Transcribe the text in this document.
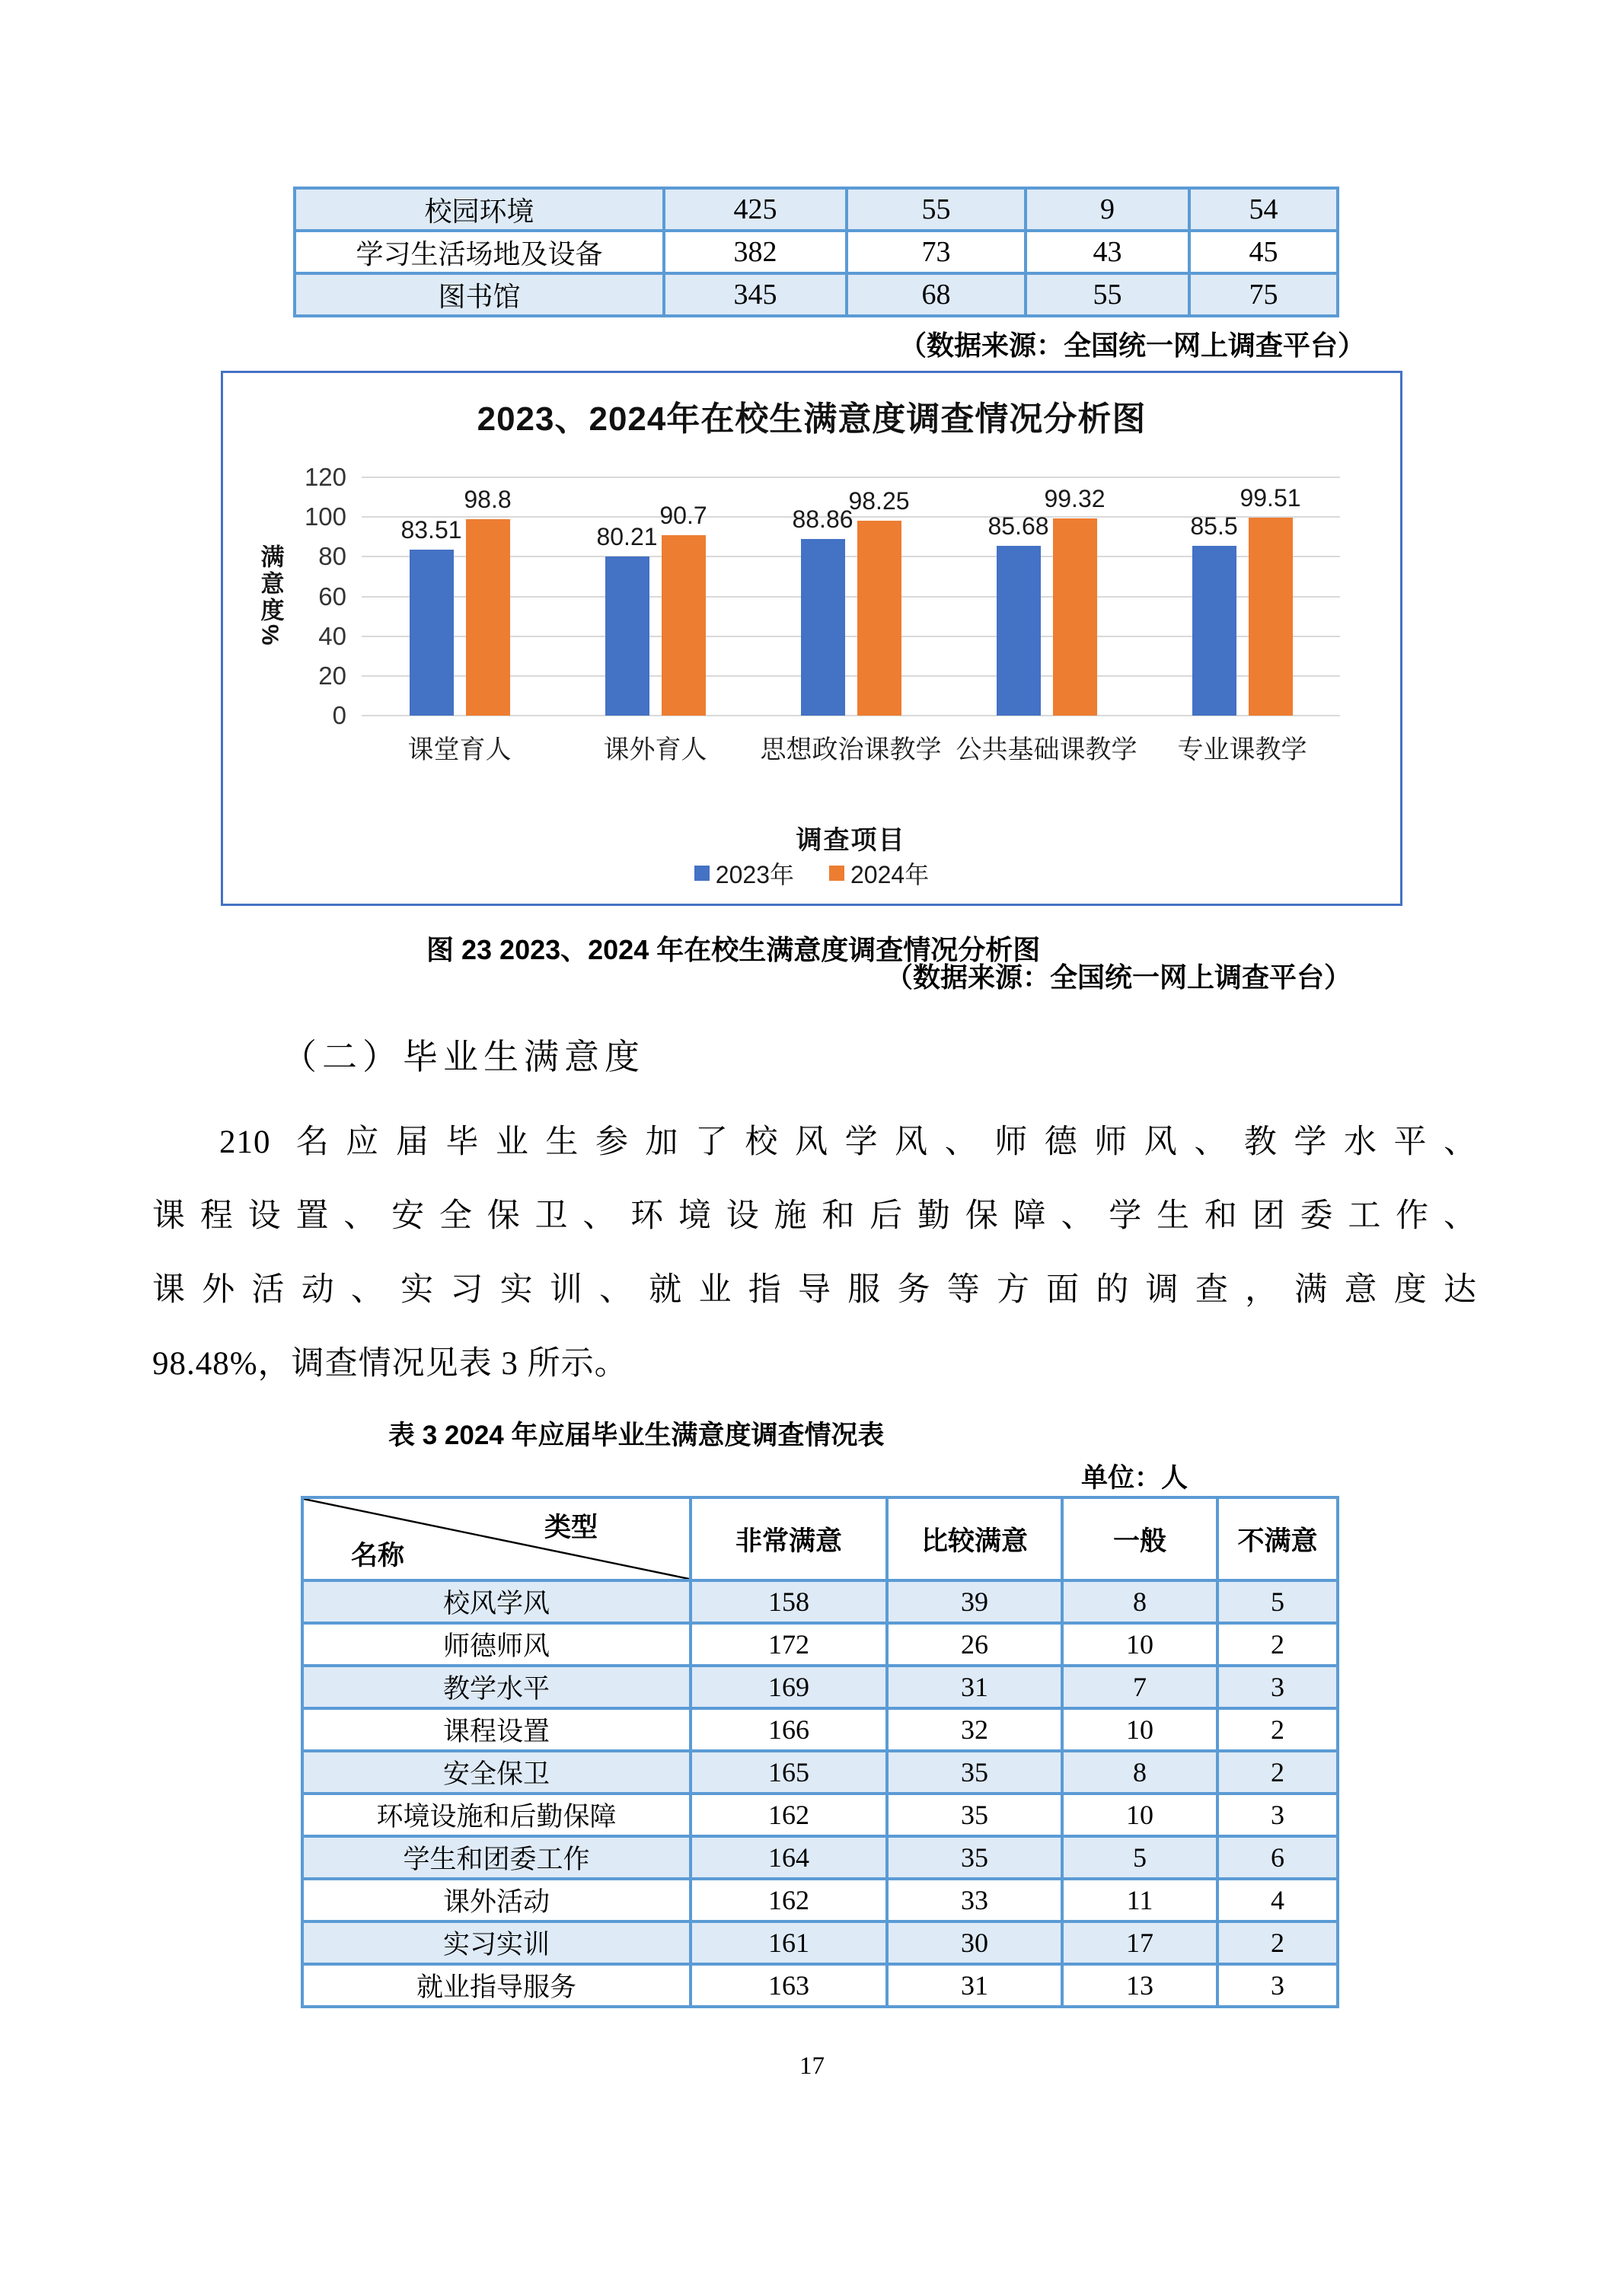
校园环境	425	55	9	54
学习生活场地及设备	382	73	43	45
图书馆	345	68	55	75
（数据来源：全国统一网上调查平台）
2023、2024年在校生满意度调查情况分析图
满意度%
0
20
40
60
80
100
120
83.51
98.8
80.21
90.7	88.86
98.25
85.68
99.32
85.5
99.51
课堂育人	课外育人	思想政治课教学 公共基础课教学	专业课教学
调查项目
2023年 2024年
图 23 2023、2024 年在校生满意度调查情况分析图
（数据来源：全国统一网上调查平台）
（二）毕业生满意度
210 名应届毕业生参加了校风学风、师德师风、教学水平、
课程设置、安全保卫、环境设施和后勤保障、学生和团委工作、
课外活动、实习实训、就业指导服务等方面的调查，满意度达
98.48%，调查情况见表 3 所示。
表 3 2024 年应届毕业生满意度调查情况表
单位：人
类型
名称	非常满意	比较满意	一般	不满意
校风学风	158	39	8	5
师德师风	172	26	10	2
教学水平	169	31	7	3
课程设置	166	32	10	2
安全保卫	165	35	8	2
环境设施和后勤保障	162	35	10	3
学生和团委工作	164	35	5	6
课外活动	162	33	11	4
实习实训	161	30	17	2
就业指导服务	163	31	13	3
17
